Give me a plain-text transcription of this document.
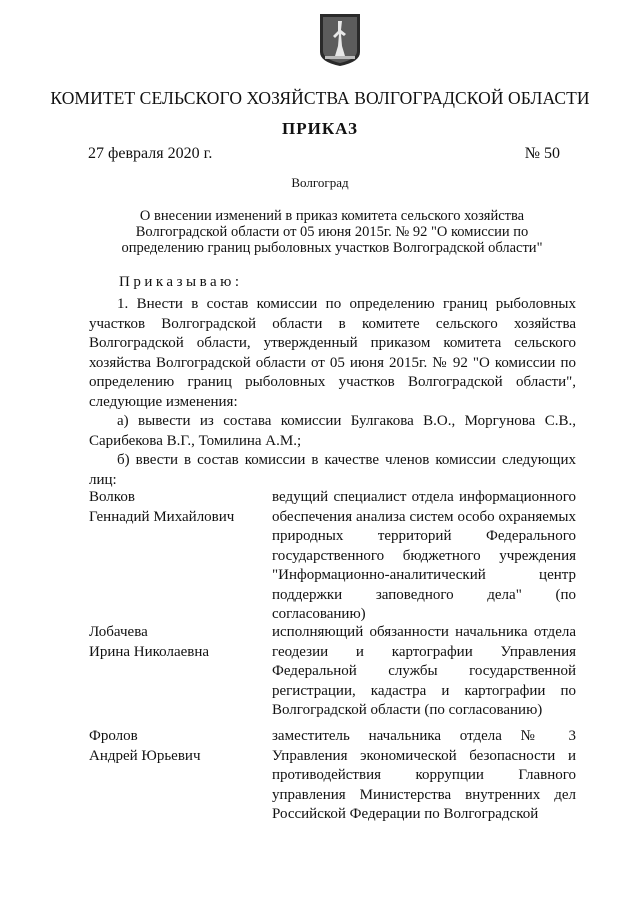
КОМИТЕТ СЕЛЬСКОГО ХОЗЯЙСТВА ВОЛГОГРАДСКОЙ ОБЛАСТИ
ПРИКАЗ
27 февраля 2020 г.	№ 50
Волгоград
О внесении изменений в приказ комитета сельского хозяйства Волгоградской области от 05 июня 2015г. № 92 "О комиссии по определению границ рыболовных участков Волгоградской области"
Приказываю:

1. Внести в состав комиссии по определению границ рыболовных участков Волгоградской области в комитете сельского хозяйства Волгоградской области, утвержденный приказом комитета сельского хозяйства Волгоградской области от 05 июня 2015г. № 92 "О комиссии по определению границ рыболовных участков Волгоградской области", следующие изменения:

а) вывести из состава комиссии Булгакова В.О., Моргунова С.В., Сарибекова В.Г., Томилина А.М.;

б) ввести в состав комиссии в качестве членов комиссии следующих лиц:

Волков
Геннадий Михайлович
ведущий специалист отдела информационного обеспечения анализа систем особо охраняемых природных территорий Федерального государственного бюджетного учреждения "Информационно-аналитический центр поддержки заповедного дела" (по согласованию)
Лобачева
Ирина Николаевна
исполняющий обязанности начальника отдела геодезии и картографии Управления Федеральной службы государственной регистрации, кадастра и картографии по Волгоградской области (по согласованию)
Фролов
Андрей Юрьевич
заместитель начальника отдела № 3 Управления экономической безопасности и противодействия коррупции Главного управления Министерства внутренних дел Российской Федерации по Волгоградской
